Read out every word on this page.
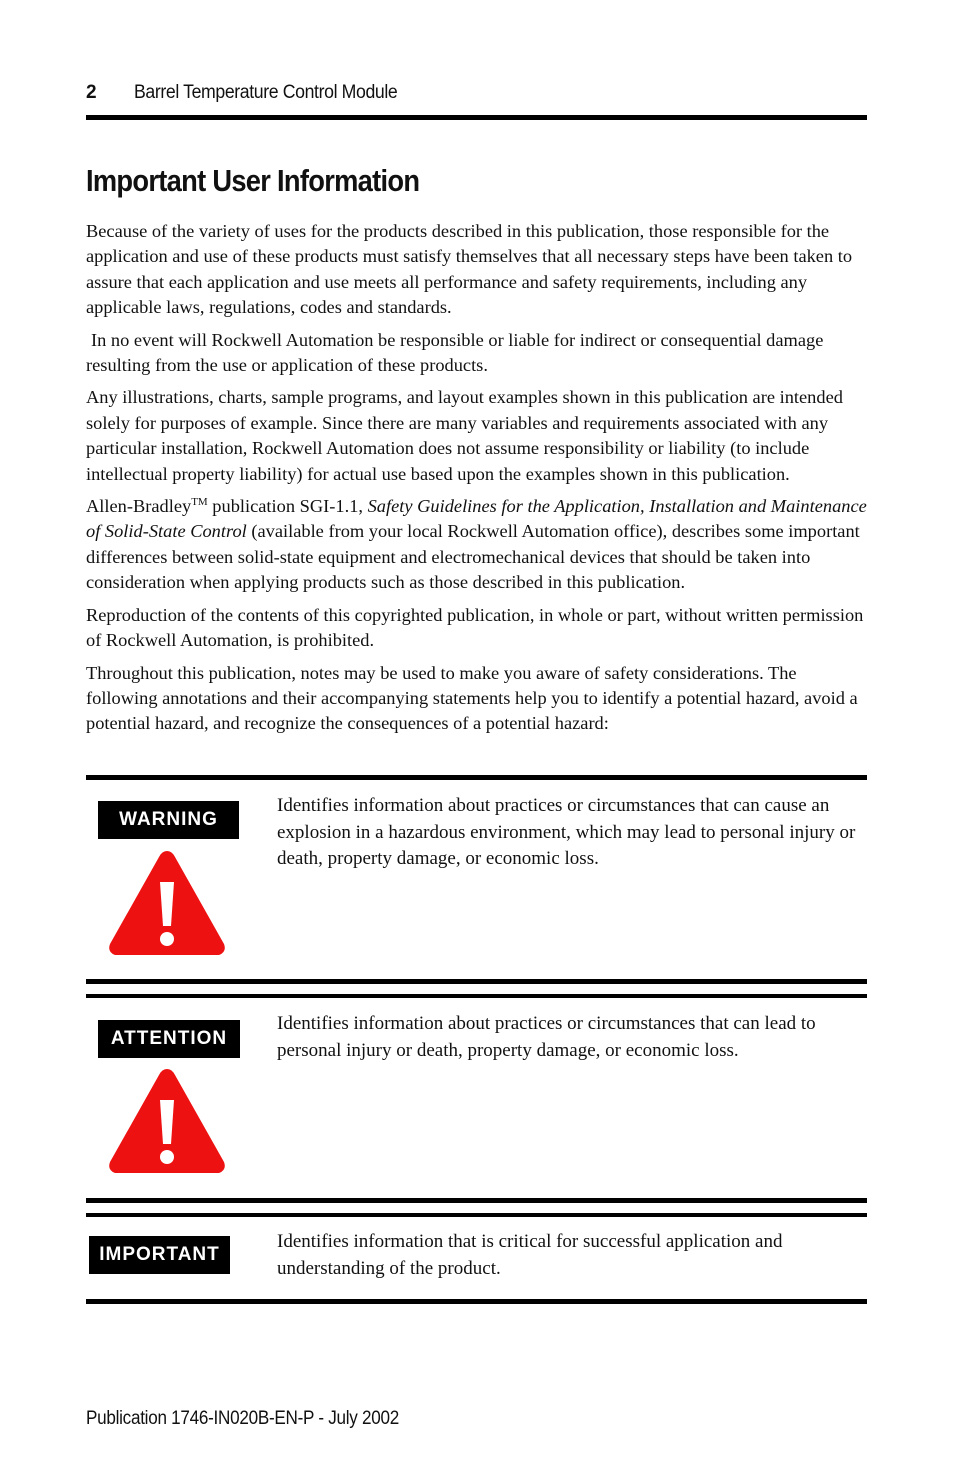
2 Barrel Temperature Control Module
Important User Information

Because of the variety of uses for the products described in this publication, those responsible for the application and use of these products must satisfy themselves that all necessary steps have been taken to assure that each application and use meets all performance and safety requirements, including any applicable laws, regulations, codes and standards.

In no event will Rockwell Automation be responsible or liable for indirect or consequential damage resulting from the use or application of these products.

Any illustrations, charts, sample programs, and layout examples shown in this publication are intended solely for purposes of example. Since there are many variables and requirements associated with any particular installation, Rockwell Automation does not assume responsibility or liability (to include intellectual property liability) for actual use based upon the examples shown in this publication.

Allen-Bradley™ publication SGI-1.1, Safety Guidelines for the Application, Installation and Maintenance of Solid-State Control (available from your local Rockwell Automation office), describes some important differences between solid-state equipment and electromechanical devices that should be taken into consideration when applying products such as those described in this publication.

Reproduction of the contents of this copyrighted publication, in whole or part, without written permission of Rockwell Automation, is prohibited.

Throughout this publication, notes may be used to make you aware of safety considerations. The following annotations and their accompanying statements help you to identify a potential hazard, avoid a potential hazard, and recognize the consequences of a potential hazard:

WARNING
Identifies information about practices or circumstances that can cause an explosion in a hazardous environment, which may lead to personal injury or death, property damage, or economic loss.
ATTENTION
Identifies information about practices or circumstances that can lead to personal injury or death, property damage, or economic loss.
IMPORTANT
Identifies information that is critical for successful application and understanding of the product.
Publication 1746-IN020B-EN-P - July 2002
